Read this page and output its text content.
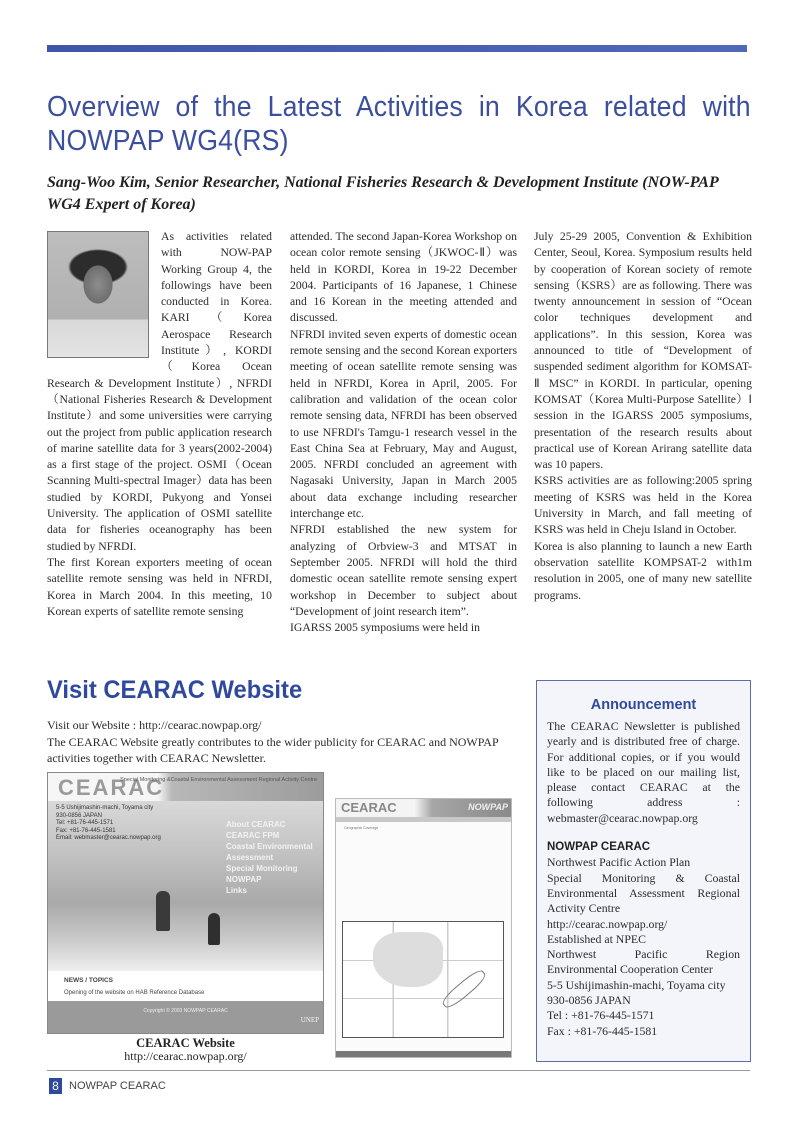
Overview of the Latest Activities in Korea related with NOWPAP WG4(RS)

Sang-Woo Kim, Senior Researcher, National Fisheries Research & Development Institute (NOW-PAP WG4 Expert of Korea)

As activities related with NOW-PAP Working Group 4, the followings have been conducted in Korea. KARI（Korea Aerospace Research Institute）, KORDI（Korea Ocean Research & Development Institute）, NFRDI（National Fisheries Research & Development Institute）and some universities were carrying out the project from public application research of marine satellite data for 3 years(2002-2004) as a first stage of the project. OSMI（Ocean Scanning Multi-spectral Imager）data has been studied by KORDI, Pukyong and Yonsei University. The application of OSMI satellite data for fisheries oceanography has been studied by NFRDI.

The first Korean exporters meeting of ocean satellite remote sensing was held in NFRDI, Korea in March 2004. In this meeting, 10 Korean experts of satellite remote sensing

attended. The second Japan-Korea Workshop on ocean color remote sensing（JKWOC-Ⅱ）was held in KORDI, Korea in 19-22 December 2004. Participants of 16 Japanese, 1 Chinese and 16 Korean in the meeting attended and discussed.

NFRDI invited seven experts of domestic ocean remote sensing and the second Korean exporters meeting of ocean satellite remote sensing was held in NFRDI, Korea in April, 2005. For calibration and validation of the ocean color remote sensing data, NFRDI has been observed to use NFRDI's Tamgu-1 research vessel in the East China Sea at February, May and August, 2005. NFRDI concluded an agreement with Nagasaki University, Japan in March 2005 about data exchange including researcher interchange etc.

NFRDI established the new system for analyzing of Orbview-3 and MTSAT in September 2005. NFRDI will hold the third domestic ocean satellite remote sensing expert workshop in December to subject about “Development of joint research item”.

IGARSS 2005 symposiums were held in

July 25-29 2005, Convention & Exhibition Center, Seoul, Korea. Symposium results held by cooperation of Korean society of remote sensing（KSRS）are as following. There was twenty announcement in session of “Ocean color techniques development and applications”. In this session, Korea was announced to title of “Development of suspended sediment algorithm for KOMSAT-Ⅱ MSC” in KORDI. In particular, opening KOMSAT（Korea Multi-Purpose Satellite）Ⅰ session in the IGARSS 2005 symposiums, presentation of the research results about practical use of Korean Arirang satellite data was 10 papers.

KSRS activities are as following:2005 spring meeting of KSRS was held in the Korea University in March, and fall meeting of KSRS was held in Cheju Island in October.

Korea is also planning to launch a new Earth observation satellite KOMPSAT-2 with1m resolution in 2005, one of many new satellite programs.

Visit CEARAC Website

Visit our Website : http://cearac.nowpap.org/

The CEARAC Website greatly contributes to the wider publicity for CEARAC and NOWPAP activities together with CEARAC Newsletter.

CEARAC
Special Monitoring &Coastal Environmental Assessment Regional Activity Centre
5-5 Ushijimashin-machi, Toyama city
930-0856 JAPAN
Tel: +81-76-445-1571
Fax: +81-76-445-1581
Email: webmaster@cearac.nowpap.org
About CEARAC
CEARAC FPM
Coastal Environmental Assessment
Special Monitoring
NOWPAP
Links
NEWS / TOPICS
Opening of the website on HAB Reference Database
Copyright © 2003 NOWPAP CEARAC
UNEP
CEARAC Website
http://cearac.nowpap.org/
CEARAC	NOWPAP
Geographic Coverage
Announcement
The CEARAC Newsletter is published yearly and is distributed free of charge. For additional copies, or if you would like to be placed on our mailing list, please contact CEARAC at the following address : webmaster@cearac.nowpap.org
NOWPAP CEARAC
Northwest Pacific Action Plan
Special Monitoring & Coastal Environmental Assessment Regional Activity Centre
http://cearac.nowpap.org/
Established at NPEC
Northwest Pacific Region Environmental Cooperation Center
5-5 Ushijimashin-machi, Toyama city
930-0856 JAPAN
Tel : +81-76-445-1571
Fax : +81-76-445-1581
8 NOWPAP CEARAC
